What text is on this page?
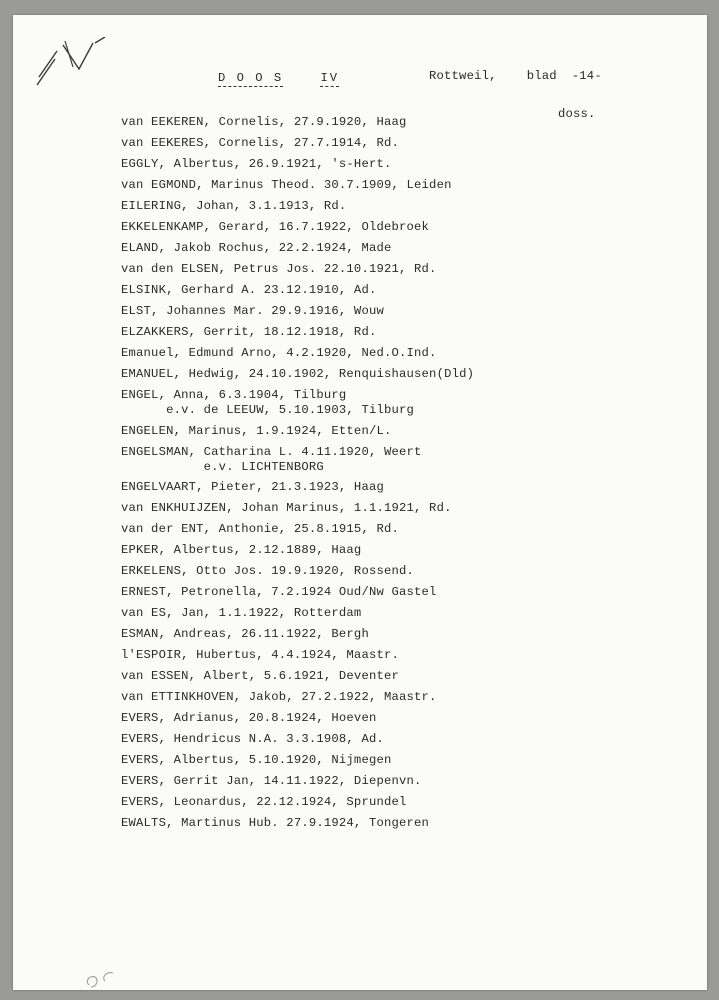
D O O S	IV	Rottweil, blad -14-
doss.
van EEKEREN, Cornelis, 27.9.1920, Haag
van EEKERES, Cornelis, 27.7.1914, Rd.
EGGLY, Albertus, 26.9.1921, 's-Hert.
van EGMOND, Marinus Theod. 30.7.1909, Leiden
EILERING, Johan, 3.1.1913, Rd.
EKKELENKAMP, Gerard, 16.7.1922, Oldebroek
ELAND, Jakob Rochus, 22.2.1924, Made
van den ELSEN, Petrus Jos. 22.10.1921, Rd.
ELSINK, Gerhard A. 23.12.1910, Ad.
ELST, Johannes Mar. 29.9.1916, Wouw
ELZAKKERS, Gerrit, 18.12.1918, Rd.
Emanuel, Edmund Arno, 4.2.1920, Ned.O.Ind.
EMANUEL, Hedwig, 24.10.1902, Renquishausen(Dld)
ENGEL, Anna, 6.3.1904, Tilburg
e.v. de LEEUW, 5.10.1903, Tilburg
ENGELEN, Marinus, 1.9.1924, Etten/L.
ENGELSMAN, Catharina L. 4.11.1920, Weert
e.v. LICHTENBORG
ENGELVAART, Pieter, 21.3.1923, Haag
van ENKHUIJZEN, Johan Marinus, 1.1.1921, Rd.
van der ENT, Anthonie, 25.8.1915, Rd.
EPKER, Albertus, 2.12.1889, Haag
ERKELENS, Otto Jos. 19.9.1920, Rossend.
ERNEST, Petronella, 7.2.1924 Oud/Nw Gastel
van ES, Jan, 1.1.1922, Rotterdam
ESMAN, Andreas, 26.11.1922, Bergh
l'ESPOIR, Hubertus, 4.4.1924, Maastr.
van ESSEN, Albert, 5.6.1921, Deventer
van ETTINKHOVEN, Jakob, 27.2.1922, Maastr.
EVERS, Adrianus, 20.8.1924, Hoeven
EVERS, Hendricus N.A. 3.3.1908, Ad.
EVERS, Albertus, 5.10.1920, Nijmegen
EVERS, Gerrit Jan, 14.11.1922, Diepenvn.
EVERS, Leonardus, 22.12.1924, Sprundel
EWALTS, Martinus Hub. 27.9.1924, Tongeren
